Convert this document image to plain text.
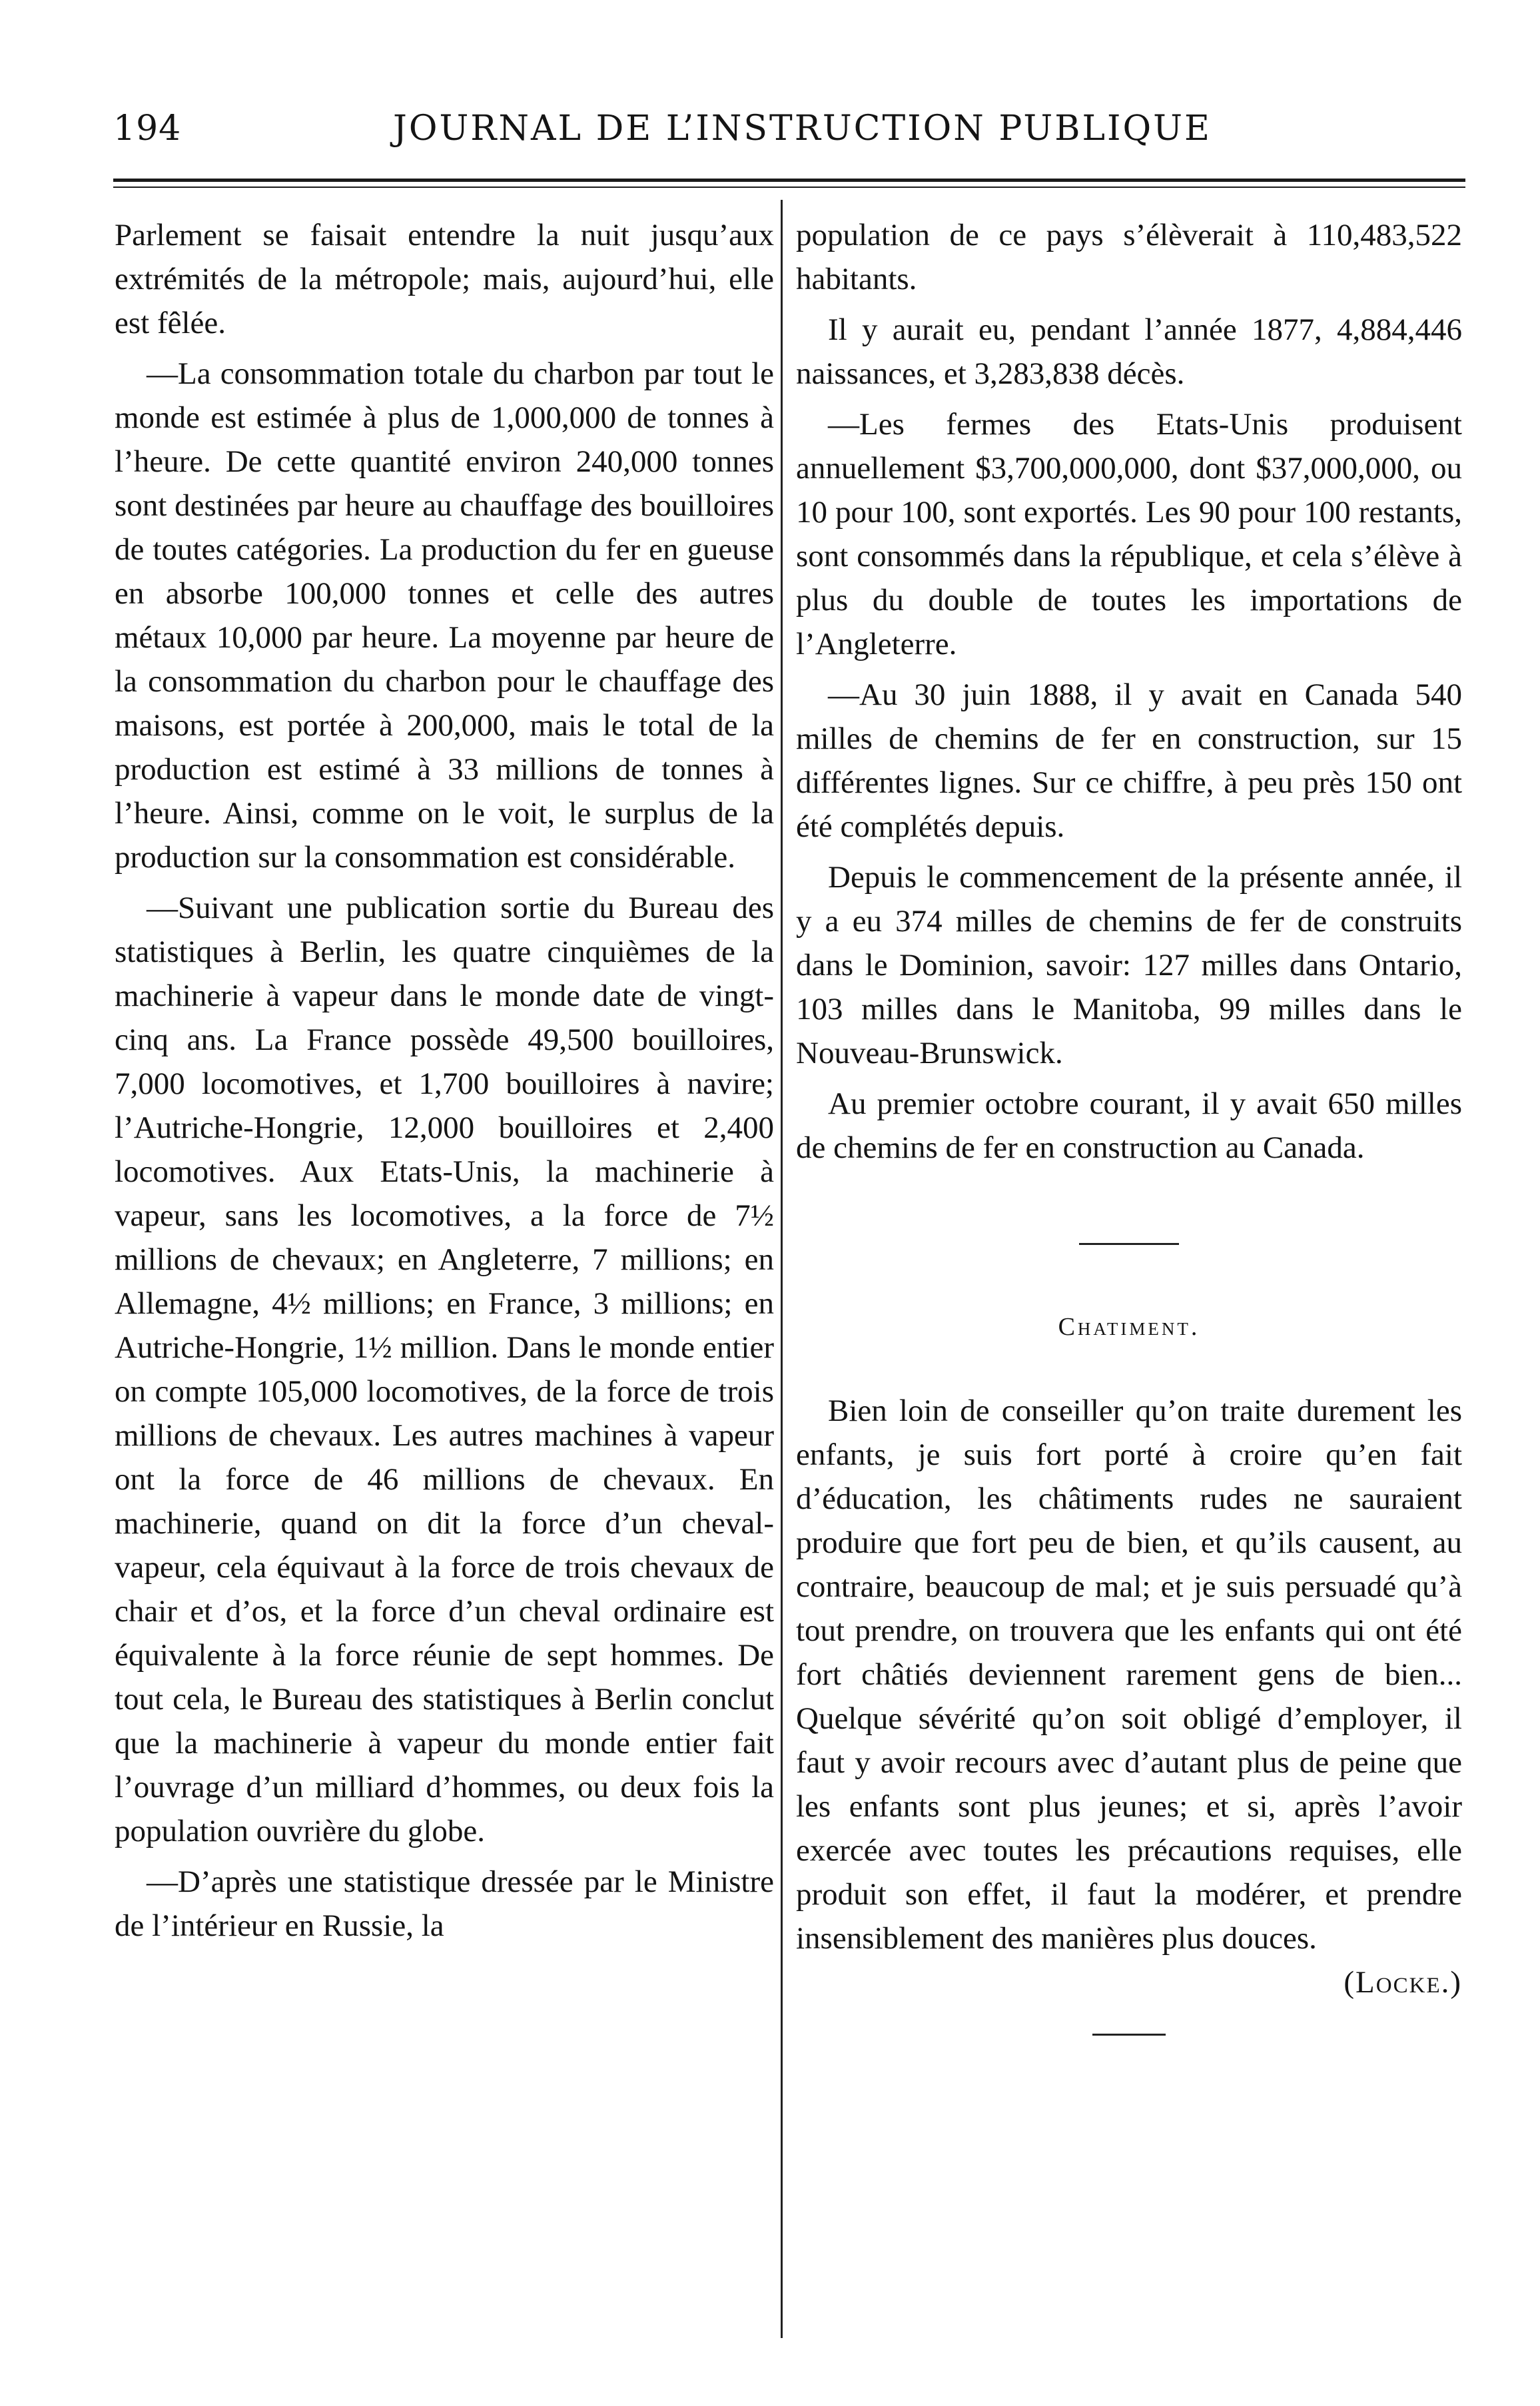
194	JOURNAL DE L’INSTRUCTION PUBLIQUE

Parlement se faisait entendre la nuit jusqu’aux extrémités de la métropole; mais, aujourd’hui, elle est fêlée.

—La consommation totale du charbon par tout le monde est estimée à plus de 1,000,000 de tonnes à l’heure. De cette quantité environ 240,000 tonnes sont destinées par heure au chauffage des bouilloires de toutes catégories. La production du fer en gueuse en absorbe 100,000 tonnes et celle des autres métaux 10,000 par heure. La moyenne par heure de la consommation du charbon pour le chauffage des maisons, est portée à 200,000, mais le total de la production est estimé à 33 millions de tonnes à l’heure. Ainsi, comme on le voit, le surplus de la production sur la consommation est considérable.

—Suivant une publication sortie du Bureau des statistiques à Berlin, les quatre cinquièmes de la machinerie à vapeur dans le monde date de vingt-cinq ans. La France possède 49,500 bouilloires, 7,000 locomotives, et 1,700 bouilloires à navire; l’Autriche-Hongrie, 12,000 bouilloires et 2,400 locomotives. Aux Etats-Unis, la machinerie à vapeur, sans les locomotives, a la force de 7½ millions de chevaux; en Angleterre, 7 millions; en Allemagne, 4½ millions; en France, 3 millions; en Autriche-Hongrie, 1½ million. Dans le monde entier on compte 105,000 locomotives, de la force de trois millions de chevaux. Les autres machines à vapeur ont la force de 46 millions de chevaux. En machinerie, quand on dit la force d’un cheval-vapeur, cela équivaut à la force de trois chevaux de chair et d’os, et la force d’un cheval ordinaire est équivalente à la force réunie de sept hommes. De tout cela, le Bureau des statistiques à Berlin conclut que la machinerie à vapeur du monde entier fait l’ouvrage d’un milliard d’hommes, ou deux fois la population ouvrière du globe.

—D’après une statistique dressée par le Ministre de l’intérieur en Russie, la

population de ce pays s’élèverait à 110,483,522 habitants.

Il y aurait eu, pendant l’année 1877, 4,884,446 naissances, et 3,283,838 décès.

—Les fermes des Etats-Unis produisent annuellement $3,700,000,000, dont $37,000,000, ou 10 pour 100, sont exportés. Les 90 pour 100 restants, sont consommés dans la république, et cela s’élève à plus du double de toutes les importations de l’Angleterre.

—Au 30 juin 1888, il y avait en Canada 540 milles de chemins de fer en construction, sur 15 différentes lignes. Sur ce chiffre, à peu près 150 ont été complétés depuis.

Depuis le commencement de la présente année, il y a eu 374 milles de chemins de fer de construits dans le Dominion, savoir: 127 milles dans Ontario, 103 milles dans le Manitoba, 99 milles dans le Nouveau-Brunswick.

Au premier octobre courant, il y avait 650 milles de chemins de fer en construction au Canada.

Chatiment.

Bien loin de conseiller qu’on traite durement les enfants, je suis fort porté à croire qu’en fait d’éducation, les châtiments rudes ne sauraient produire que fort peu de bien, et qu’ils causent, au contraire, beaucoup de mal; et je suis persuadé qu’à tout prendre, on trouvera que les enfants qui ont été fort châtiés deviennent rarement gens de bien... Quelque sévérité qu’on soit obligé d’employer, il faut y avoir recours avec d’autant plus de peine que les enfants sont plus jeunes; et si, après l’avoir exercée avec toutes les précautions requises, elle produit son effet, il faut la modérer, et prendre insensiblement des manières plus douces.
(Locke.)
